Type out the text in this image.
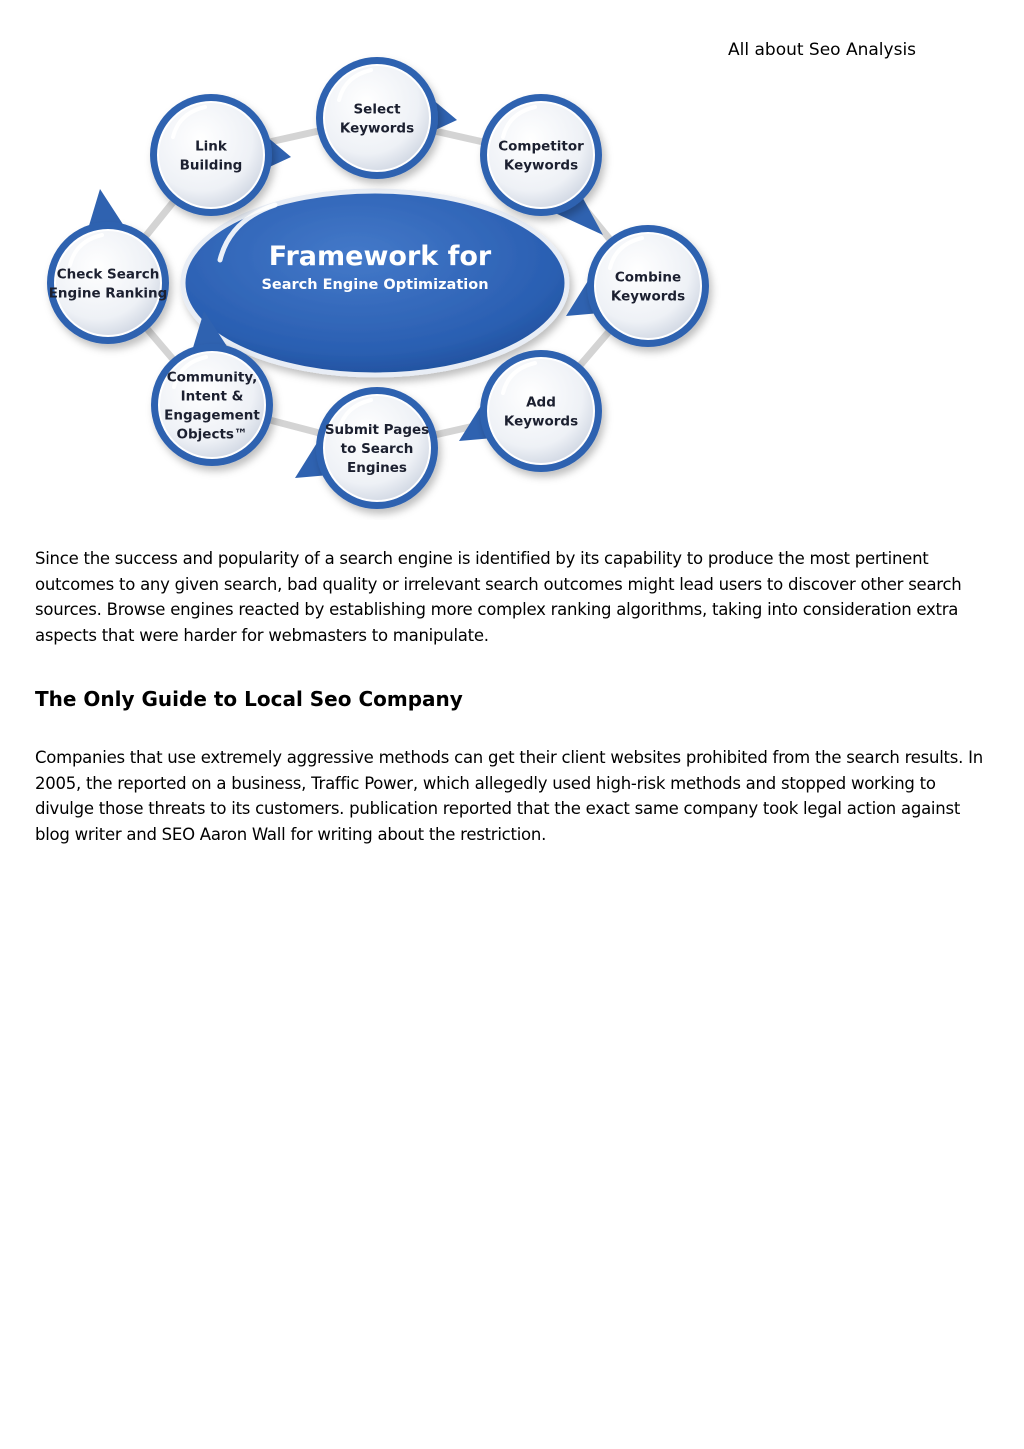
All about Seo Analysis
Framework for
Search Engine Optimization
Select
Keywords
Competitor
Keywords
Combine
Keywords
Add
Keywords
Submit Pages
to Search
Engines
Community,
Intent &
Engagement
Objects™
Check Search
Engine Ranking
Link
Building

Since the success and popularity of a search engine is identified by its capability to produce the most pertinent outcomes to any given search, bad quality or irrelevant search outcomes might lead users to discover other search sources. Browse engines reacted by establishing more complex ranking algorithms, taking into consideration extra aspects that were harder for webmasters to manipulate.

The Only Guide to Local Seo Company

Companies that use extremely aggressive methods can get their client websites prohibited from the search results. In 2005, the reported on a business, Traffic Power, which allegedly used high-risk methods and stopped working to divulge those threats to its customers. publication reported that the exact same company took legal action against blog writer and SEO Aaron Wall for writing about the restriction.
